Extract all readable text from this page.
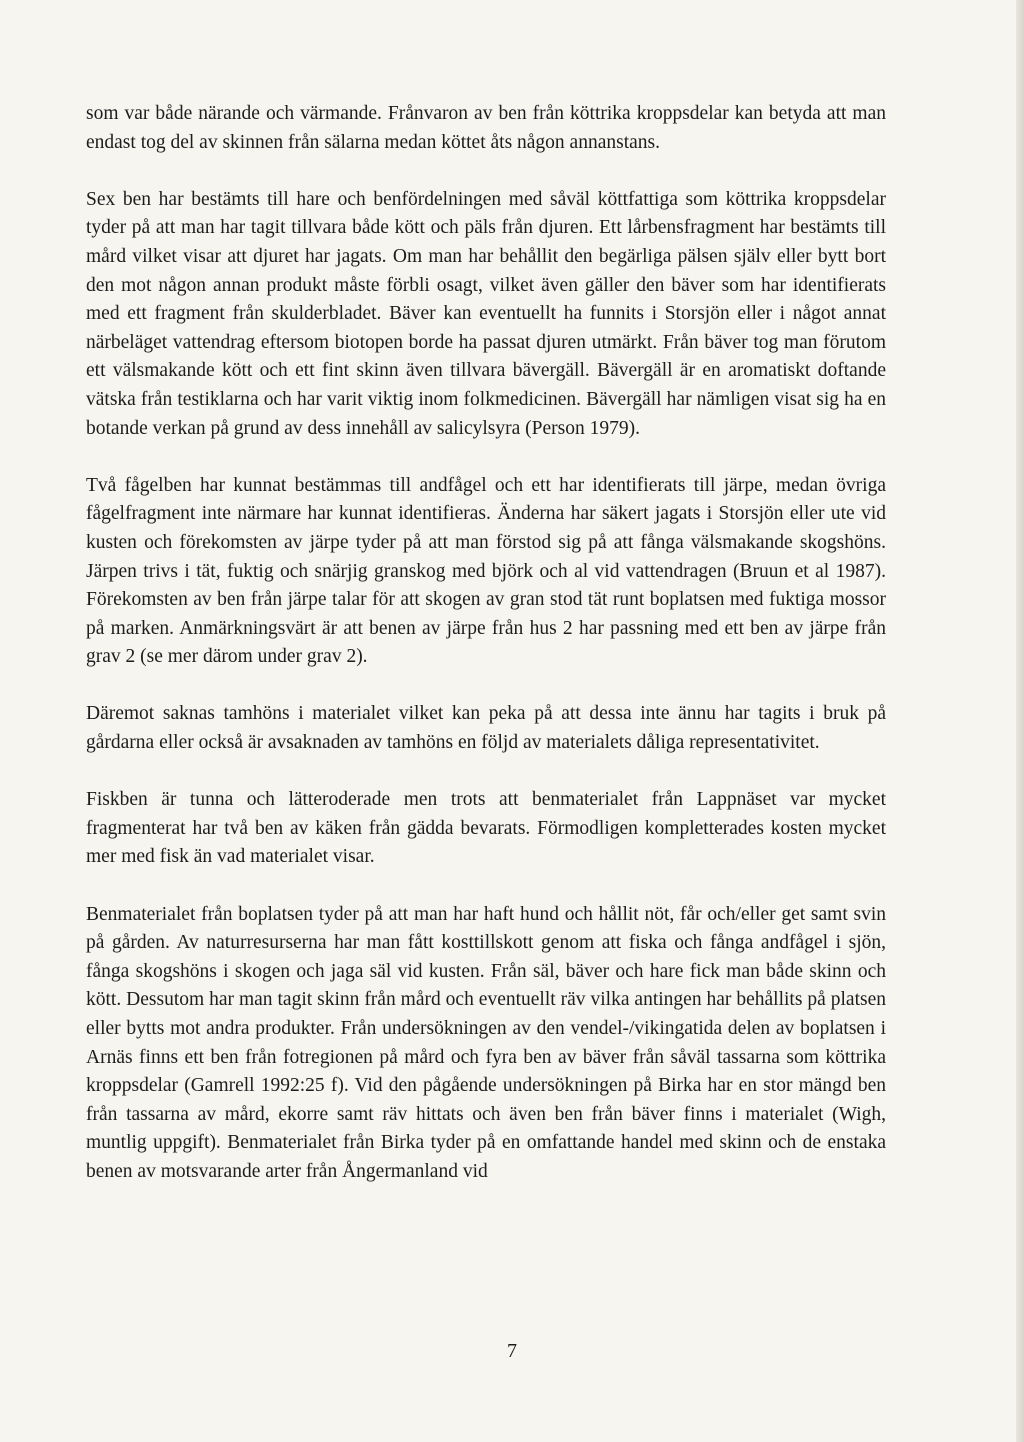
som var både närande och värmande. Frånvaron av ben från köttrika kroppsdelar kan betyda att man endast tog del av skinnen från sälarna medan köttet åts någon annanstans.

Sex ben har bestämts till hare och benfördelningen med såväl köttfattiga som köttrika kroppsdelar tyder på att man har tagit tillvara både kött och päls från djuren. Ett lårbensfragment har bestämts till mård vilket visar att djuret har jagats. Om man har behållit den begärliga pälsen själv eller bytt bort den mot någon annan produkt måste förbli osagt, vilket även gäller den bäver som har identifierats med ett fragment från skulderbladet. Bäver kan eventuellt ha funnits i Storsjön eller i något annat närbeläget vattendrag eftersom biotopen borde ha passat djuren utmärkt. Från bäver tog man förutom ett välsmakande kött och ett fint skinn även tillvara bävergäll. Bävergäll är en aromatiskt doftande vätska från testiklarna och har varit viktig inom folkmedicinen. Bävergäll har nämligen visat sig ha en botande verkan på grund av dess innehåll av salicylsyra (Person 1979).

Två fågelben har kunnat bestämmas till andfågel och ett har identifierats till järpe, medan övriga fågelfragment inte närmare har kunnat identifieras. Änderna har säkert jagats i Storsjön eller ute vid kusten och förekomsten av järpe tyder på att man förstod sig på att fånga välsmakande skogshöns. Järpen trivs i tät, fuktig och snärjig granskog med björk och al vid vattendragen (Bruun et al 1987). Förekomsten av ben från järpe talar för att skogen av gran stod tät runt boplatsen med fuktiga mossor på marken. Anmärkningsvärt är att benen av järpe från hus 2 har passning med ett ben av järpe från grav 2 (se mer därom under grav 2).

Däremot saknas tamhöns i materialet vilket kan peka på att dessa inte ännu har tagits i bruk på gårdarna eller också är avsaknaden av tamhöns en följd av materialets dåliga representativitet.

Fiskben är tunna och lätteroderade men trots att benmaterialet från Lappnäset var mycket fragmenterat har två ben av käken från gädda bevarats. Förmodligen kompletterades kosten mycket mer med fisk än vad materialet visar.

Benmaterialet från boplatsen tyder på att man har haft hund och hållit nöt, får och/eller get samt svin på gården. Av naturresurserna har man fått kosttillskott genom att fiska och fånga andfågel i sjön, fånga skogshöns i skogen och jaga säl vid kusten. Från säl, bäver och hare fick man både skinn och kött. Dessutom har man tagit skinn från mård och eventuellt räv vilka antingen har behållits på platsen eller bytts mot andra produkter. Från undersökningen av den vendel-/vikingatida delen av boplatsen i Arnäs finns ett ben från fotregionen på mård och fyra ben av bäver från såväl tassarna som köttrika kroppsdelar (Gamrell 1992:25 f). Vid den pågående undersökningen på Birka har en stor mängd ben från tassarna av mård, ekorre samt räv hittats och även ben från bäver finns i materialet (Wigh, muntlig uppgift). Benmaterialet från Birka tyder på en omfattande handel med skinn och de enstaka benen av motsvarande arter från Ångermanland vid

7
